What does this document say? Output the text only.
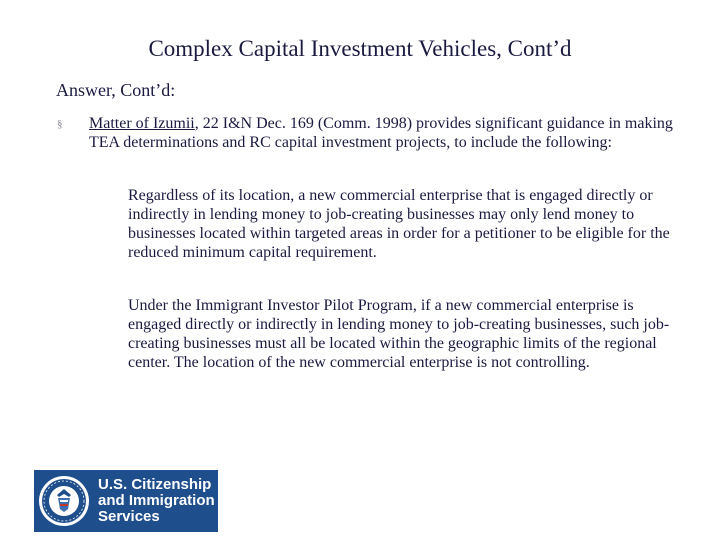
Complex Capital Investment Vehicles, Cont’d
Answer, Cont’d:
§ Matter of Izumii, 22 I&N Dec. 169 (Comm. 1998) provides significant guidance in making TEA determinations and RC capital investment projects, to include the following:
Regardless of its location, a new commercial enterprise that is engaged directly or indirectly in lending money to job-creating businesses may only lend money to businesses located within targeted areas in order for a petitioner to be eligible for the reduced minimum capital requirement.
Under the Immigrant Investor Pilot Program, if a new commercial enterprise is engaged directly or indirectly in lending money to job-creating businesses, such job-creating businesses must all be located within the geographic limits of the regional center. The location of the new commercial enterprise is not controlling.
U.S. Citizenship
and Immigration
Services
